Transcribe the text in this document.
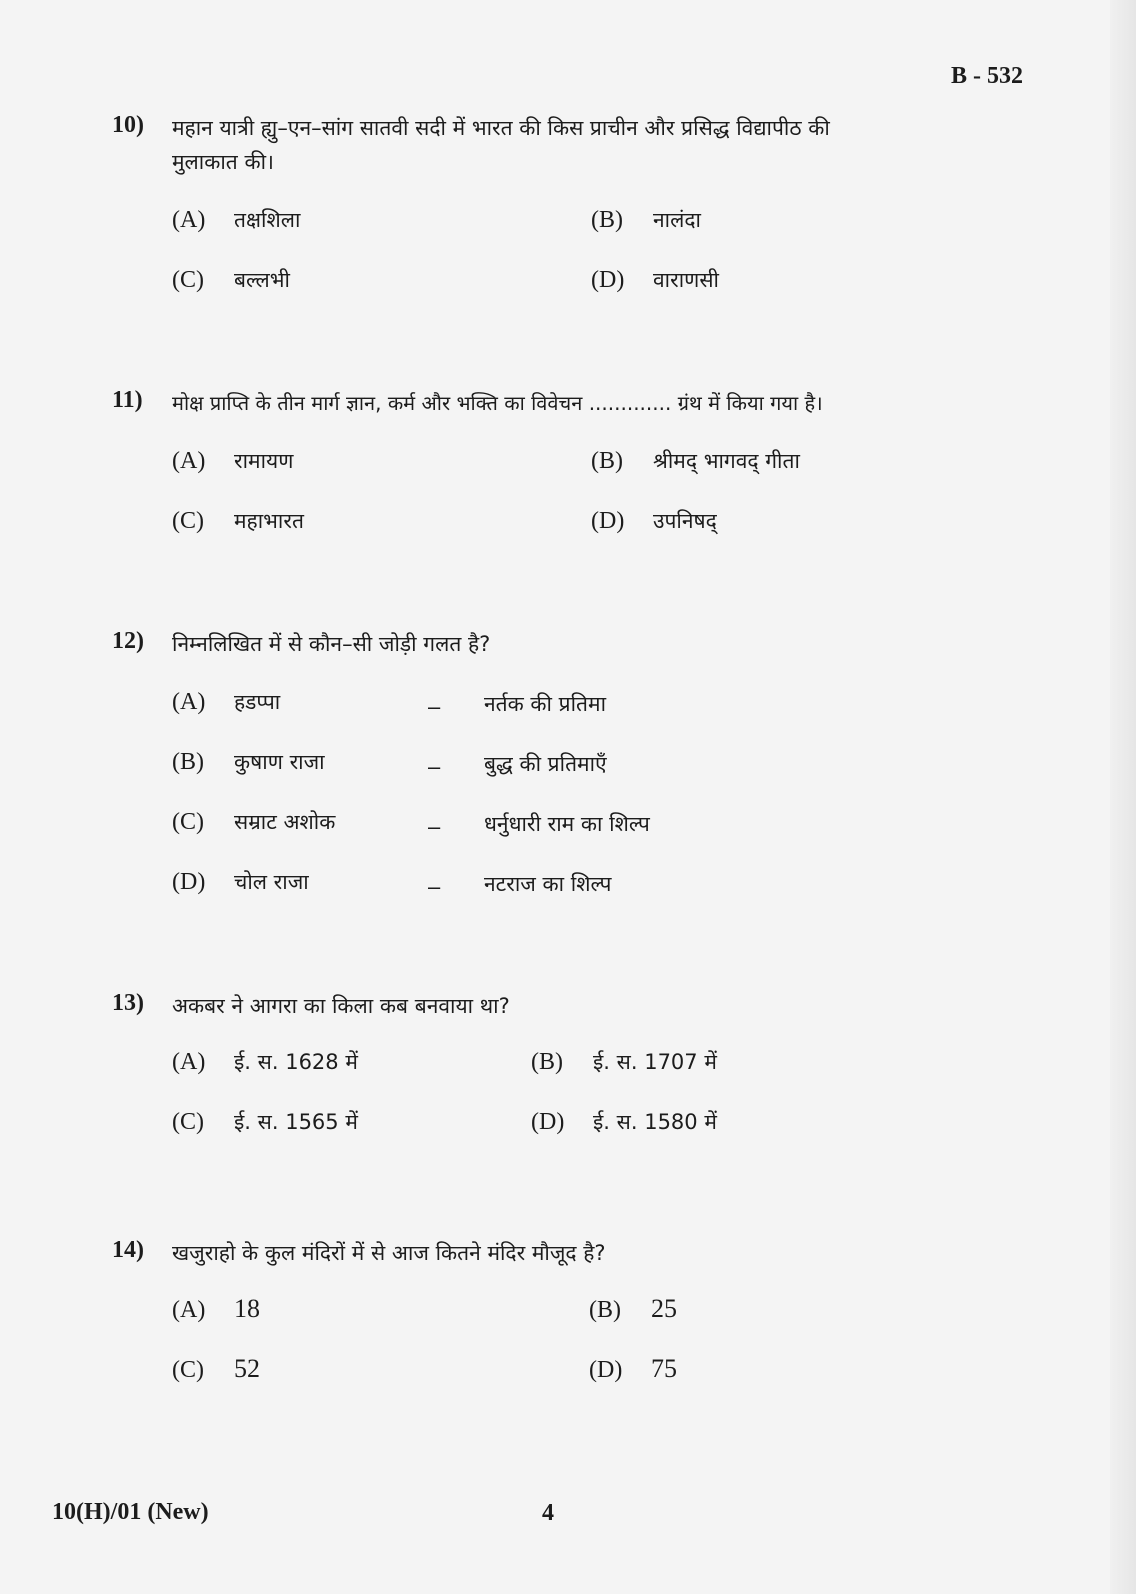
B - 532
10) महान यात्री ह्यु–एन–सांग सातवी सदी में भारत की किस प्राचीन और प्रसिद्ध विद्यापीठ की
मुलाकात की।
(A)	तक्षशिला	(B)	नालंदा
(C)	बल्लभी	(D)	वाराणसी
11) मोक्ष प्राप्ति के तीन मार्ग ज्ञान, कर्म और भक्ति का विवेचन ............. ग्रंथ में किया गया है।
(A)	रामायण	(B)	श्रीमद् भागवद् गीता
(C)	महाभारत	(D)	उपनिषद्
12) निम्नलिखित में से कौन–सी जोड़ी गलत है?
(A)	हडप्पा	– नर्तक की प्रतिमा
(B)	कुषाण राजा	– बुद्ध की प्रतिमाएँ
(C)	सम्राट अशोक	– धर्नुधारी राम का शिल्प
(D)	चोल राजा	– नटराज का शिल्प
13) अकबर ने आगरा का किला कब बनवाया था?
(A)	ई. स. 1628 में	(B)	ई. स. 1707 में
(C)	ई. स. 1565 में	(D)	ई. स. 1580 में
14) खजुराहो के कुल मंदिरों में से आज कितने मंदिर मौजूद है?
(A)	18	(B)	25
(C)	52	(D)	75
10(H)/01 (New)	4
